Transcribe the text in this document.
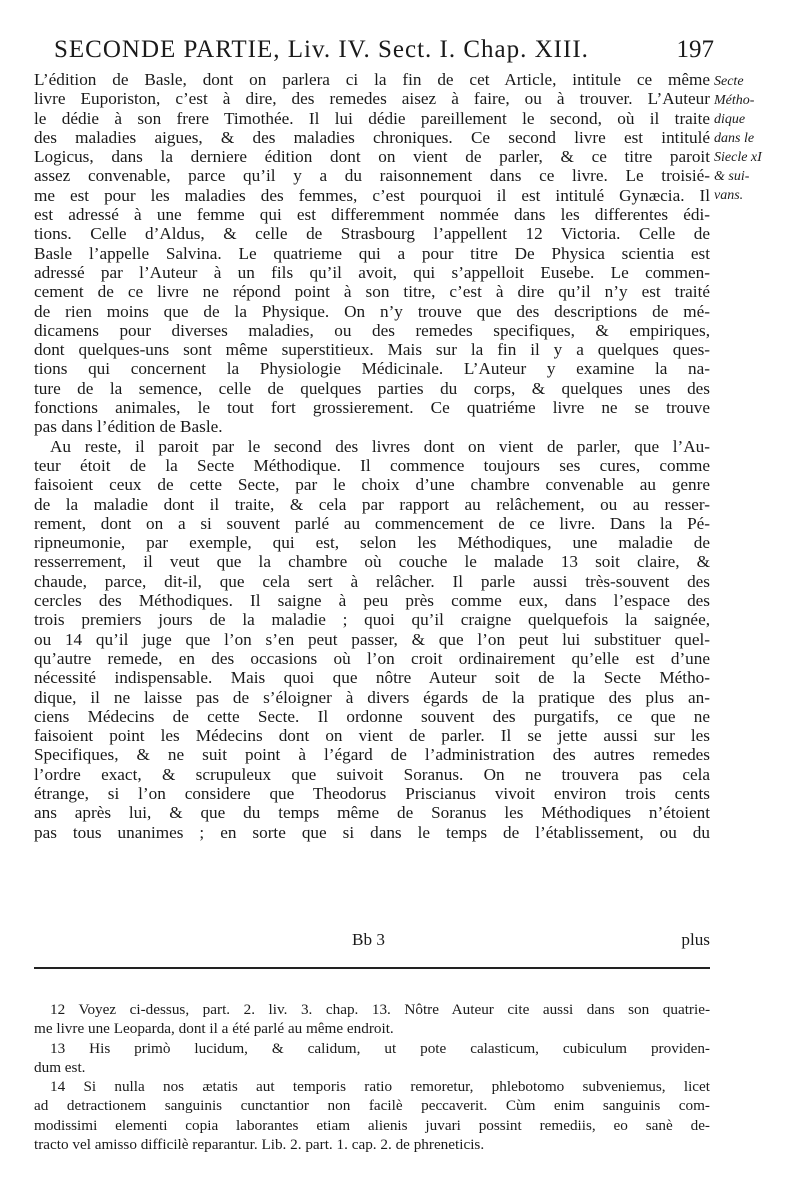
SECONDE PARTIE, Liv. IV. Sect. I. Chap. XIII.	197
Secte
Métho-
dique
dans le
Siecle xI
& sui-
vans.
L’édition de Basle, dont on parlera ci la fin de cet Article, intitule ce même
livre Euporiston, c’est à dire, des remedes aisez à faire, ou à trouver. L’Auteur
le dédie à son frere Timothée. Il lui dédie pareillement le second, où il traite
des maladies aigues, & des maladies chroniques. Ce second livre est intitulé
Logicus, dans la derniere édition dont on vient de parler, & ce titre paroit
assez convenable, parce qu’il y a du raisonnement dans ce livre. Le troisié-
me est pour les maladies des femmes, c’est pourquoi il est intitulé Gynæcia. Il
est adressé à une femme qui est differemment nommée dans les differentes édi-
tions. Celle d’Aldus, & celle de Strasbourg l’appellent 12 Victoria. Celle de
Basle l’appelle Salvina. Le quatrieme qui a pour titre De Physica scientia est
adressé par l’Auteur à un fils qu’il avoit, qui s’appelloit Eusebe. Le commen-
cement de ce livre ne répond point à son titre, c’est à dire qu’il n’y est traité
de rien moins que de la Physique. On n’y trouve que des descriptions de mé-
dicamens pour diverses maladies, ou des remedes specifiques, & empiriques,
dont quelques-uns sont même superstitieux. Mais sur la fin il y a quelques ques-
tions qui concernent la Physiologie Médicinale. L’Auteur y examine la na-
ture de la semence, celle de quelques parties du corps, & quelques unes des
fonctions animales, le tout fort grossierement. Ce quatriéme livre ne se trouve
pas dans l’édition de Basle.
Au reste, il paroit par le second des livres dont on vient de parler, que l’Au-
teur étoit de la Secte Méthodique. Il commence toujours ses cures, comme
faisoient ceux de cette Secte, par le choix d’une chambre convenable au genre
de la maladie dont il traite, & cela par rapport au relâchement, ou au resser-
rement, dont on a si souvent parlé au commencement de ce livre. Dans la Pé-
ripneumonie, par exemple, qui est, selon les Méthodiques, une maladie de
resserrement, il veut que la chambre où couche le malade 13 soit claire, &
chaude, parce, dit-il, que cela sert à relâcher. Il parle aussi très-souvent des
cercles des Méthodiques. Il saigne à peu près comme eux, dans l’espace des
trois premiers jours de la maladie ; quoi qu’il craigne quelquefois la saignée,
ou 14 qu’il juge que l’on s’en peut passer, & que l’on peut lui substituer quel-
qu’autre remede, en des occasions où l’on croit ordinairement qu’elle est d’une
nécessité indispensable. Mais quoi que nôtre Auteur soit de la Secte Métho-
dique, il ne laisse pas de s’éloigner à divers égards de la pratique des plus an-
ciens Médecins de cette Secte. Il ordonne souvent des purgatifs, ce que ne
faisoient point les Médecins dont on vient de parler. Il se jette aussi sur les
Specifiques, & ne suit point à l’égard de l’administration des autres remedes
l’ordre exact, & scrupuleux que suivoit Soranus. On ne trouvera pas cela
étrange, si l’on considere que Theodorus Priscianus vivoit environ trois cents
ans après lui, & que du temps même de Soranus les Méthodiques n’étoient
pas tous unanimes ; en sorte que si dans le temps de l’établissement, ou du
Bb 3	plus
12 Voyez ci-dessus, part. 2. liv. 3. chap. 13. Nôtre Auteur cite aussi dans son quatrie-
me livre une Leoparda, dont il a été parlé au même endroit.
13 His primò lucidum, & calidum, ut pote calasticum, cubiculum providen-
dum est.
14 Si nulla nos ætatis aut temporis ratio remoretur, phlebotomo subveniemus, licet
ad detractionem sanguinis cunctantior non facilè peccaverit. Cùm enim sanguinis com-
modissimi elementi copia laborantes etiam alienis juvari possint remediis, eo sanè de-
tracto vel amisso difficilè reparantur. Lib. 2. part. 1. cap. 2. de phreneticis.
